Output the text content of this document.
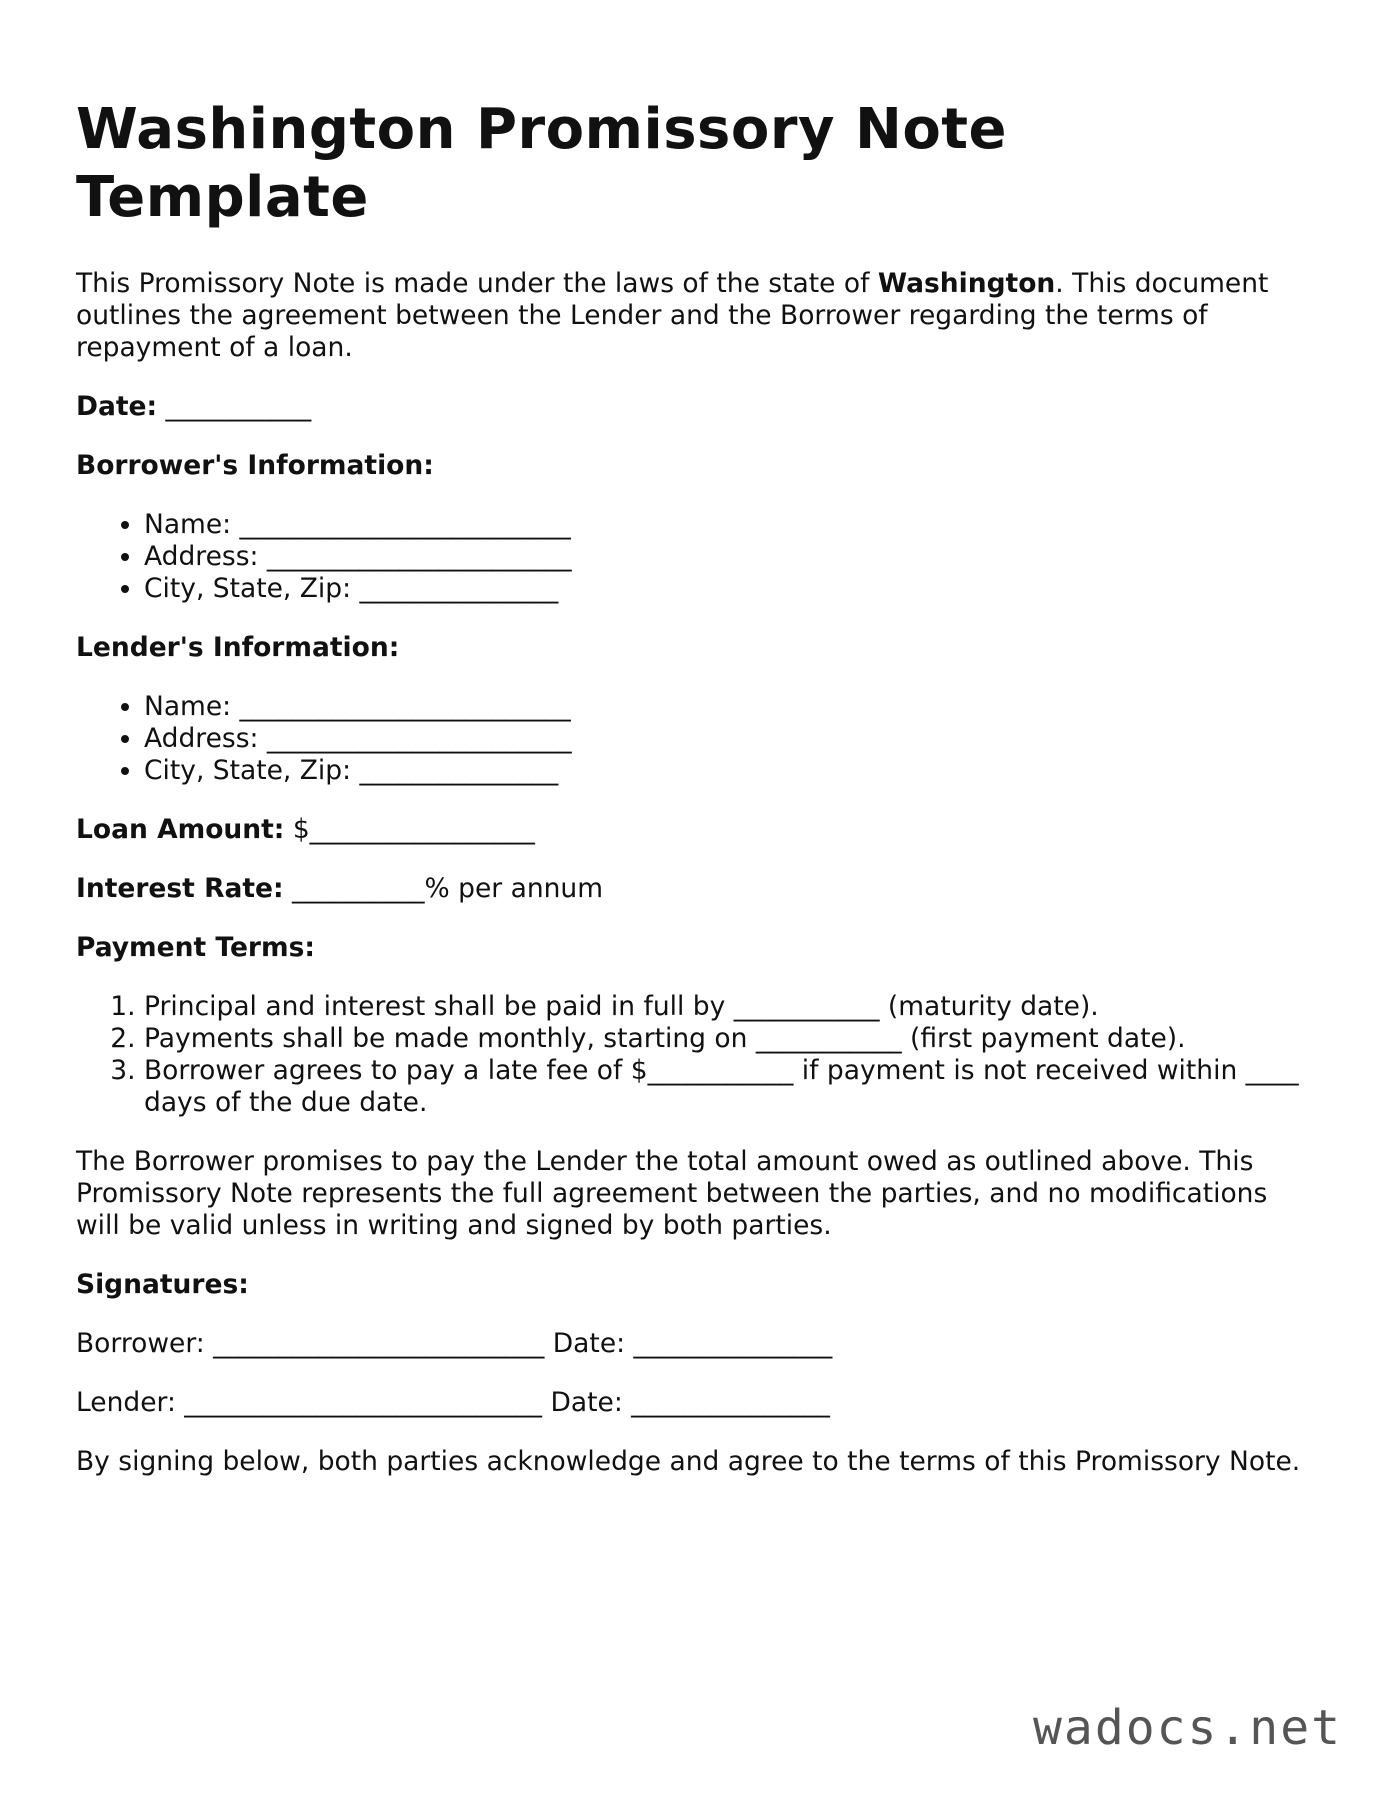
Washington Promissory Note Template

This Promissory Note is made under the laws of the state of Washington. This document outlines the agreement between the Lender and the Borrower regarding the terms of repayment of a loan.

Date: ___________

Borrower's Information:

• Name: _________________________
• Address: _______________________
• City, State, Zip: _______________

Lender's Information:

• Name: _________________________
• Address: _______________________
• City, State, Zip: _______________

Loan Amount: $_________________

Interest Rate: __________% per annum

Payment Terms:

1. Principal and interest shall be paid in full by ___________ (maturity date).
2. Payments shall be made monthly, starting on ___________ (first payment date).
3. Borrower agrees to pay a late fee of $___________ if payment is not received within ____ days of the due date.

The Borrower promises to pay the Lender the total amount owed as outlined above. This Promissory Note represents the full agreement between the parties, and no modifications will be valid unless in writing and signed by both parties.

Signatures:

Borrower: _________________________ Date: _______________

Lender: ___________________________ Date: _______________

By signing below, both parties acknowledge and agree to the terms of this Promissory Note.

wadocs.net
